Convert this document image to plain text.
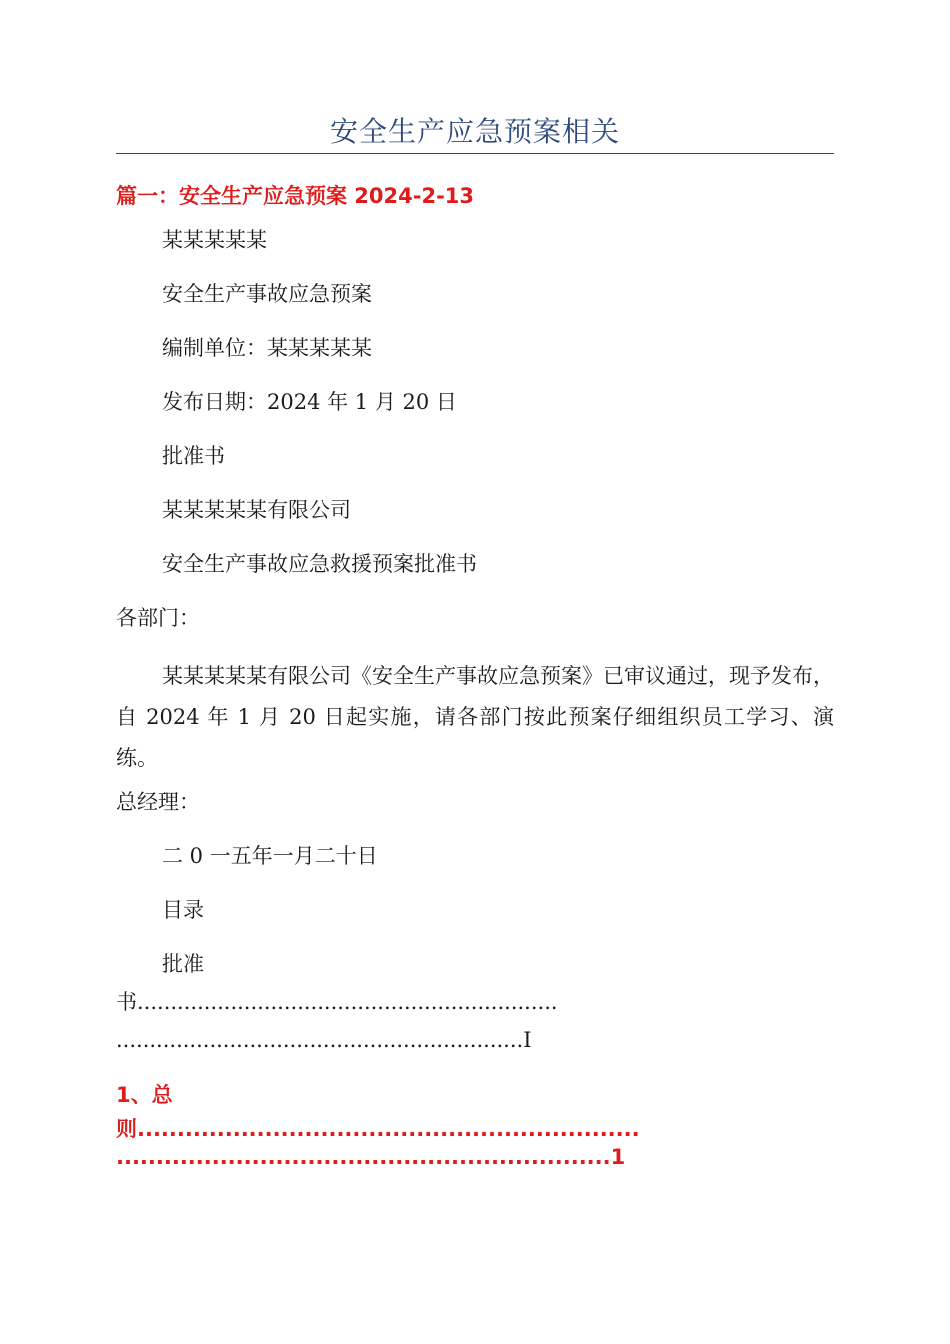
安全生产应急预案相关
篇一：安全生产应急预案 2024-2-13
某某某某某
安全生产事故应急预案
编制单位：某某某某某
发布日期：2024 年 1 月 20 日
批准书
某某某某某有限公司
安全生产事故应急救援预案批准书
各部门：
某某某某某有限公司《安全生产事故应急预案》已审议通过，现予发布，自 2024 年 1 月 20 日起实施，请各部门按此预案仔细组织员工学习、演练。
总经理：
二 0 一五年一月二十日
目录
批准
书...............................................................
.............................................................Ⅰ
1、总
则...............................................................
..............................................................1
